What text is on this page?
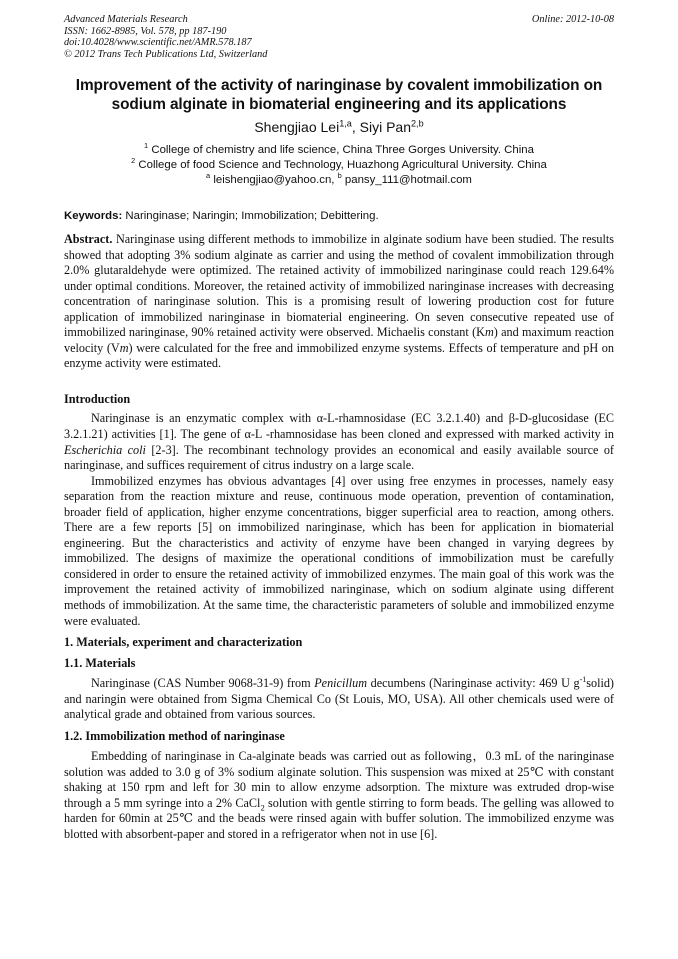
Advanced Materials Research
ISSN: 1662-8985, Vol. 578, pp 187-190
doi:10.4028/www.scientific.net/AMR.578.187
© 2012 Trans Tech Publications Ltd, Switzerland
Online: 2012-10-08
Improvement of the activity of naringinase by covalent immobilization on
sodium alginate in biomaterial engineering and its applications
Shengjiao Lei$^{1,a}$, Siyi Pan$^{2,b}$
$^1$ College of chemistry and life science, China Three Gorges University. China
$^2$ College of food Science and Technology, Huazhong Agricultural University. China
$^a$ leishengjiao@yahoo.cn, $^b$ pansy_111@hotmail.com
Keywords: Naringinase; Naringin; Immobilization; Debittering.

Abstract. Naringinase using different methods to immobilize in alginate sodium have been studied. The results showed that adopting 3% sodium alginate as carrier and using the method of covalent immobilization through 2.0% glutaraldehyde were optimized. The retained activity of immobilized naringinase could reach 129.64% under optimal conditions. Moreover, the retained activity of immobilized naringinase increases with decreasing concentration of naringinase solution. This is a promising result of lowering production cost for future application of immobilized naringinase in biomaterial engineering. On seven consecutive repeated use of immobilized naringinase, 90% retained activity were observed. Michaelis constant (Km) and maximum reaction velocity (Vm) were calculated for the free and immobilized enzyme systems. Effects of temperature and pH on enzyme activity were estimated.

Introduction

Naringinase is an enzymatic complex with α-L-rhamnosidase (EC 3.2.1.40) and β-D-glucosidase (EC 3.2.1.21) activities [1]. The gene of α-L -rhamnosidase has been cloned and expressed with marked activity in Escherichia coli [2-3]. The recombinant technology provides an economical and easily available source of naringinase, and suffices requirement of citrus industry on a large scale.

Immobilized enzymes has obvious advantages [4] over using free enzymes in processes, namely easy separation from the reaction mixture and reuse, continuous mode operation, prevention of contamination, broader field of application, higher enzyme concentrations, bigger superficial area to reaction, among others. There are a few reports [5] on immobilized naringinase, which has been for application in biomaterial engineering. But the characteristics and activity of enzyme have been changed in varying degrees by immobilized. The designs of maximize the operational conditions of immobilization must be carefully considered in order to ensure the retained activity of immobilized enzymes. The main goal of this work was the improvement the retained activity of immobilized naringinase, which on sodium alginate using different methods of immobilization. At the same time, the characteristic parameters of soluble and immobilized enzyme were evaluated.

1. Materials, experiment and characterization
1.1. Materials

Naringinase (CAS Number 9068-31-9) from Penicillum decumbens (Naringinase activity: 469 U $g^{-1}solid$) and naringin were obtained from Sigma Chemical Co (St Louis, MO, USA). All other chemicals used were of analytical grade and obtained from various sources.

1.2. Immobilization method of naringinase

Embedding of naringinase in Ca-alginate beads was carried out as following，0.3 mL of the naringinase solution was added to 3.0 g of 3% sodium alginate solution. This suspension was mixed at 25℃ with constant shaking at 150 rpm and left for 30 min to allow enzyme adsorption. The mixture was extruded drop-wise through a 5 mm syringe into a 2% CaCl$_2$ solution with gentle stirring to form beads. The gelling was allowed to harden for 60min at 25℃ and the beads were rinsed again with buffer solution. The immobilized enzyme was blotted with absorbent-paper and stored in a refrigerator when not in use [6].
